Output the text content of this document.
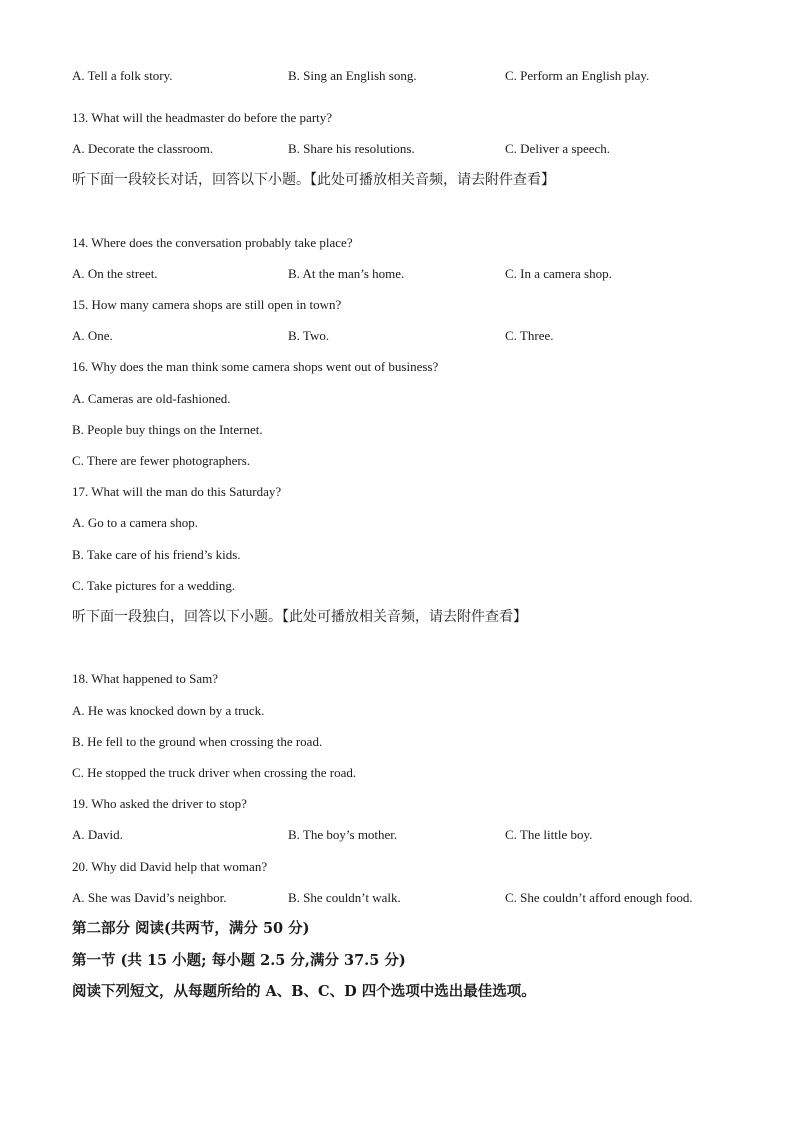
A. Tell a folk story.	B. Sing an English song.	C. Perform an English play.
13. What will the headmaster do before the party?
A. Decorate the classroom.	B. Share his resolutions.	C. Deliver a speech.
听下面一段较长对话，回答以下小题。【此处可播放相关音频，请去附件查看】
14. Where does the conversation probably take place?
A. On the street.	B. At the man’s home.	C. In a camera shop.
15. How many camera shops are still open in town?
A. One.	B. Two.	C. Three.
16. Why does the man think some camera shops went out of business?
A. Cameras are old-fashioned.
B. People buy things on the Internet.
C. There are fewer photographers.
17. What will the man do this Saturday?
A. Go to a camera shop.
B. Take care of his friend’s kids.
C. Take pictures for a wedding.
听下面一段独白，回答以下小题。【此处可播放相关音频，请去附件查看】
18. What happened to Sam?
A. He was knocked down by a truck.
B. He fell to the ground when crossing the road.
C. He stopped the truck driver when crossing the road.
19. Who asked the driver to stop?
A. David.	B. The boy’s mother.	C. The little boy.
20. Why did David help that woman?
A. She was David’s neighbor.	B. She couldn’t walk.	C. She couldn’t afford enough food.
第二部分 阅读(共两节，满分 50 分)
第一节 (共 15 小题; 每小题 2.5 分,满分 37.5 分)
阅读下列短文，从每题所给的 A、B、C、D 四个选项中选出最佳选项。
